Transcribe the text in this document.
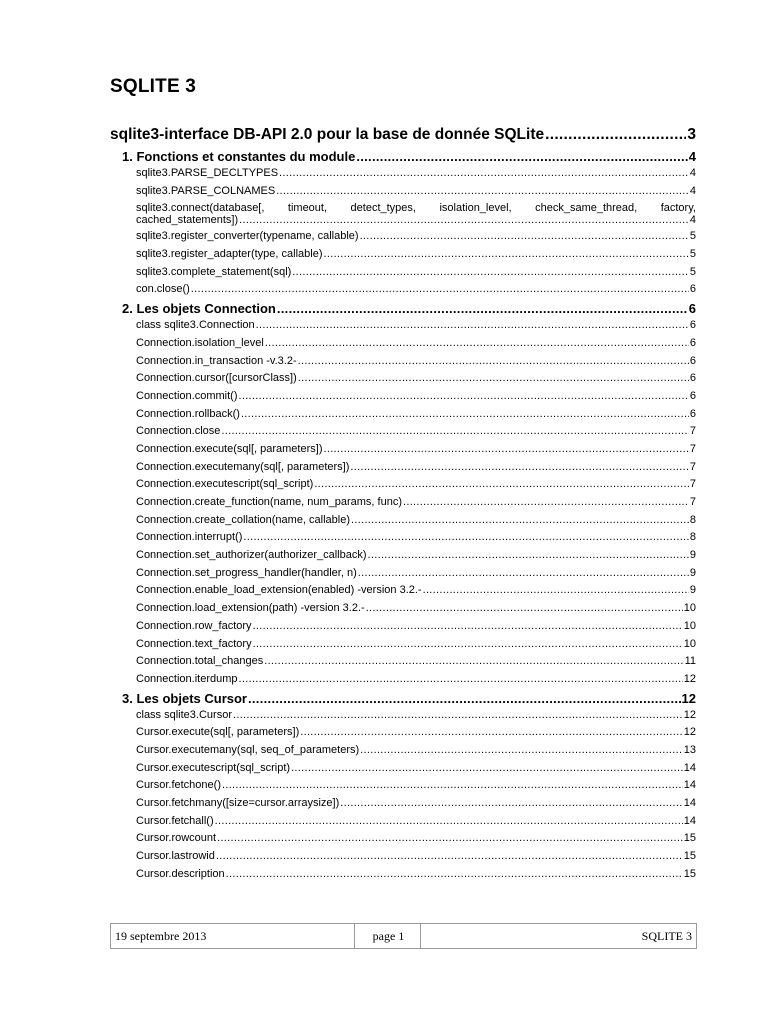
SQLITE 3
sqlite3-interface DB-API 2.0 pour la base de donnée SQLite .....	3
1. Fonctions et constantes du module .....	4
sqlite3.PARSE_DECLTYPES .....	4
sqlite3.PARSE_COLNAMES .....	4
sqlite3.connect(database[, timeout, detect_types, isolation_level, check_same_thread, factory,
cached_statements]) .....	4
sqlite3.register_converter(typename, callable) .....	5
sqlite3.register_adapter(type, callable) .....	5
sqlite3.complete_statement(sql) .....	5
con.close() .....	6
2. Les objets Connection .....	6
class sqlite3.Connection .....	6
Connection.isolation_level .....	6
Connection.in_transaction -v.3.2- .....	6
Connection.cursor([cursorClass]) .....	6
Connection.commit() .....	6
Connection.rollback() .....	6
Connection.close .....	7
Connection.execute(sql[, parameters]) .....	7
Connection.executemany(sql[, parameters]) .....	7
Connection.executescript(sql_script) .....	7
Connection.create_function(name, num_params, func) .....	7
Connection.create_collation(name, callable) .....	8
Connection.interrupt() .....	8
Connection.set_authorizer(authorizer_callback) .....	9
Connection.set_progress_handler(handler, n) .....	9
Connection.enable_load_extension(enabled) -version 3.2.- .....	9
Connection.load_extension(path) -version 3.2.- .....	10
Connection.row_factory .....	10
Connection.text_factory .....	10
Connection.total_changes .....	11
Connection.iterdump .....	12
3. Les objets Cursor .....	12
class sqlite3.Cursor .....	12
Cursor.execute(sql[, parameters]) .....	12
Cursor.executemany(sql, seq_of_parameters) .....	13
Cursor.executescript(sql_script) .....	14
Cursor.fetchone() .....	14
Cursor.fetchmany([size=cursor.arraysize]) .....	14
Cursor.fetchall() .....	14
Cursor.rowcount .....	15
Cursor.lastrowid .....	15
Cursor.description .....	15
19 septembre 2013	page 1	SQLITE 3
